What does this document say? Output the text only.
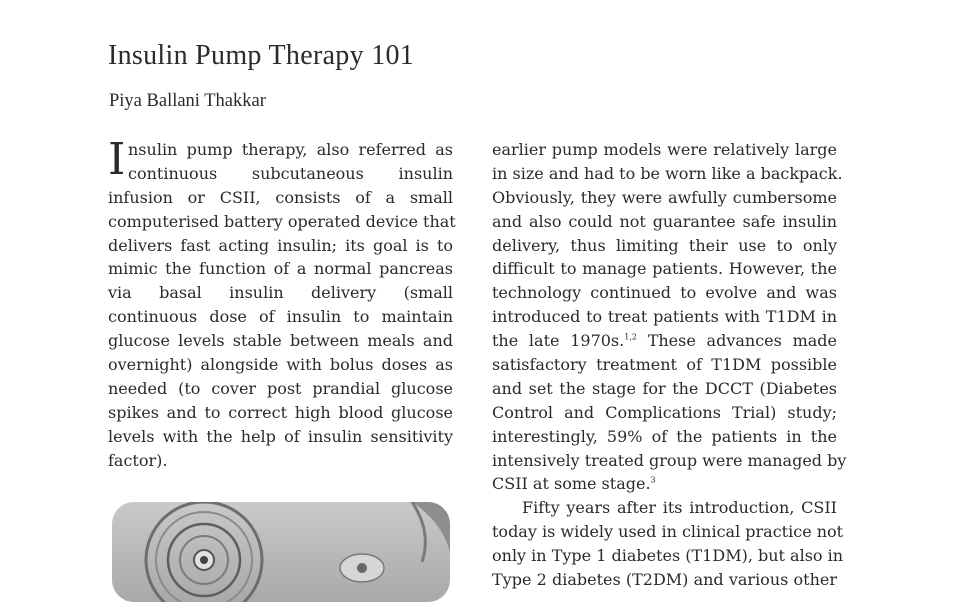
Insulin Pump Therapy 101
Piya Ballani Thakkar
I nsulin pump therapy, also referred as
continuous subcutaneous insulin
infusion or CSII, consists of a small
computerised battery operated device that
delivers fast acting insulin; its goal is to
mimic the function of a normal pancreas
via basal insulin delivery (small
continuous dose of insulin to maintain
glucose levels stable between meals and
overnight) alongside with bolus doses as
needed (to cover post prandial glucose
spikes and to correct high blood glucose
levels with the help of insulin sensitivity
factor).
earlier pump models were relatively large
in size and had to be worn like a backpack.
Obviously, they were awfully cumbersome
and also could not guarantee safe insulin
delivery, thus limiting their use to only
difficult to manage patients. However, the
technology continued to evolve and was
introduced to treat patients with T1DM in
the late 1970s.$^{1,2}$ These advances made
satisfactory treatment of T1DM possible
and set the stage for the DCCT (Diabetes
Control and Complications Trial) study;
interestingly, 59% of the patients in the
intensively treated group were managed by
CSII at some stage.$^3$
Fifty years after its introduction, CSII
today is widely used in clinical practice not
only in Type 1 diabetes (T1DM), but also in
Type 2 diabetes (T2DM) and various other
